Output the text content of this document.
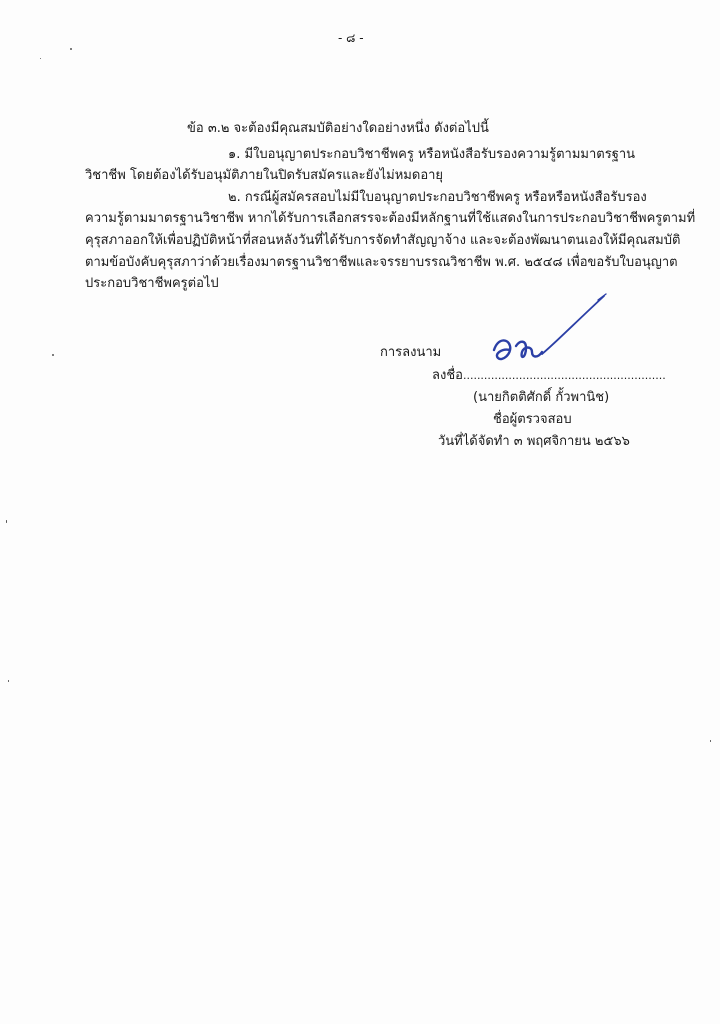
- ๘ -
ข้อ ๓.๒ จะต้องมีคุณสมบัติอย่างใดอย่างหนึ่ง ดังต่อไปนี้
๑. มีใบอนุญาตประกอบวิชาชีพครู หรือหนังสือรับรองความรู้ตามมาตรฐาน
วิชาชีพ โดยต้องได้รับอนุมัติภายในปิดรับสมัครและยังไม่หมดอายุ
๒. กรณีผู้สมัครสอบไม่มีใบอนุญาตประกอบวิชาชีพครู หรือหรือหนังสือรับรอง
ความรู้ตามมาตรฐานวิชาชีพ หากได้รับการเลือกสรรจะต้องมีหลักฐานที่ใช้แสดงในการประกอบวิชาชีพครูตามที่
คุรุสภาออกให้เพื่อปฏิบัติหน้าที่สอนหลังวันที่ได้รับการจัดทำสัญญาจ้าง และจะต้องพัฒนาตนเองให้มีคุณสมบัติ
ตามข้อบังคับคุรุสภาว่าด้วยเรื่องมาตรฐานวิชาชีพและจรรยาบรรณวิชาชีพ พ.ศ. ๒๕๔๘ เพื่อขอรับใบอนุญาต
ประกอบวิชาชีพครูต่อไป
การลงนาม
ลงชื่อ..........................................................
(นายกิตติศักดิ์ กั้วพานิช)
ชื่อผู้ตรวจสอบ
วันที่ได้จัดทำ ๓ พฤศจิกายน ๒๕๖๖
